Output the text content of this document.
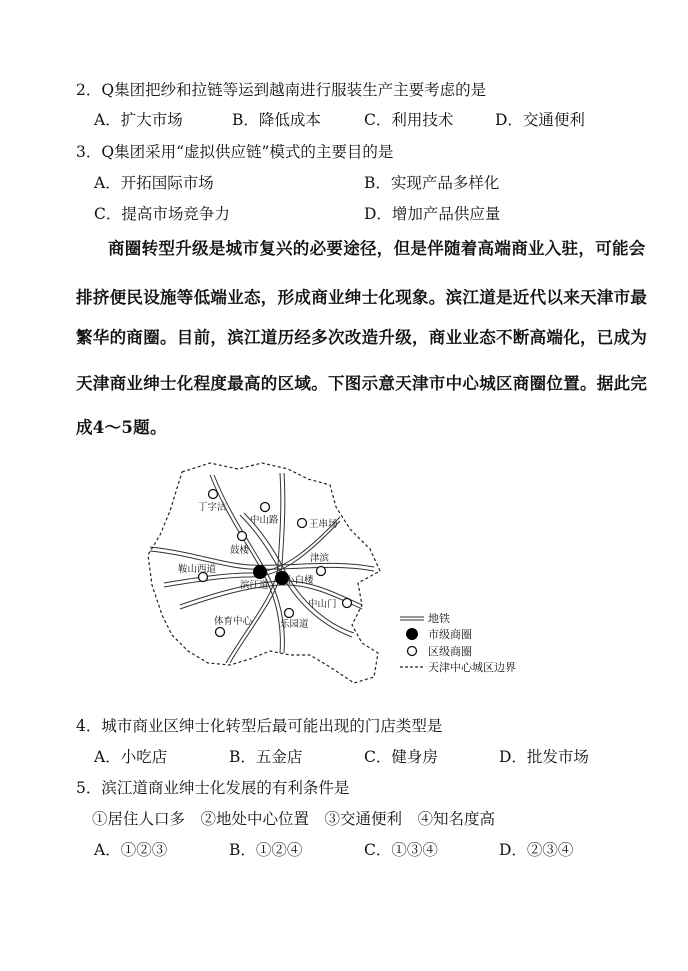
2．Q集团把纱和拉链等运到越南进行服装生产主要考虑的是
A．扩大市场	B．降低成本	C．利用技术	D．交通便利
3．Q集团采用“虚拟供应链”模式的主要目的是
A．开拓国际市场	B．实现产品多样化
C．提高市场竞争力	D．增加产品供应量
商圈转型升级是城市复兴的必要途径，但是伴随着高端商业入驻，可能会
排挤便民设施等低端业态，形成商业绅士化现象。滨江道是近代以来天津市最
繁华的商圈。目前，滨江道历经多次改造升级，商业业态不断高端化，已成为
天津商业绅士化程度最高的区域。下图示意天津市中心城区商圈位置。据此完
成4～5题。
丁字沽
中山路	王串场
鼓楼
津滨
鞍山西道
滨江道 小白楼
中山门
体育中心	乐园道	地铁
市级商圈
区级商圈
天津中心城区边界
4．城市商业区绅士化转型后最可能出现的门店类型是
A．小吃店	B．五金店	C．健身房	D．批发市场
5．滨江道商业绅士化发展的有利条件是
①居住人口多　②地处中心位置　③交通便利　④知名度高
A．①②③	B．①②④	C．①③④	D．②③④
